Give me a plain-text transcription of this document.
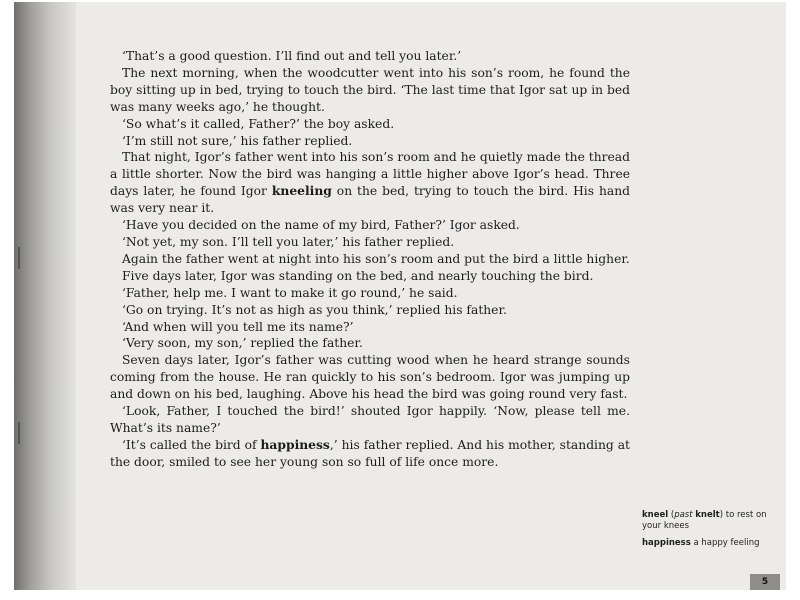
‘That’s a good question. I’ll find out and tell you later.’

The next morning, when the woodcutter went into his son’s room, he found the boy sitting up in bed, trying to touch the bird. ‘The last time that Igor sat up in bed was many weeks ago,’ he thought.

‘So what’s it called, Father?’ the boy asked.

‘I’m still not sure,’ his father replied.

That night, Igor’s father went into his son’s room and he quietly made the thread a little shorter. Now the bird was hanging a little higher above Igor’s head. Three days later, he found Igor kneeling on the bed, trying to touch the bird. His hand was very near it.

‘Have you decided on the name of my bird, Father?’ Igor asked.

‘Not yet, my son. I’ll tell you later,’ his father replied.

Again the father went at night into his son’s room and put the bird a little higher.

Five days later, Igor was standing on the bed, and nearly touching the bird.

‘Father, help me. I want to make it go round,’ he said.

‘Go on trying. It’s not as high as you think,’ replied his father.

‘And when will you tell me its name?’

‘Very soon, my son,’ replied the father.

Seven days later, Igor’s father was cutting wood when he heard strange sounds coming from the house. He ran quickly to his son’s bedroom. Igor was jumping up and down on his bed, laughing. Above his head the bird was going round very fast.

‘Look, Father, I touched the bird!’ shouted Igor happily. ‘Now, please tell me. What’s its name?’

‘It’s called the bird of happiness,’ his father replied. And his mother, standing at the door, smiled to see her young son so full of life once more.

kneel (past knelt) to rest on your knees
happiness a happy feeling
5
